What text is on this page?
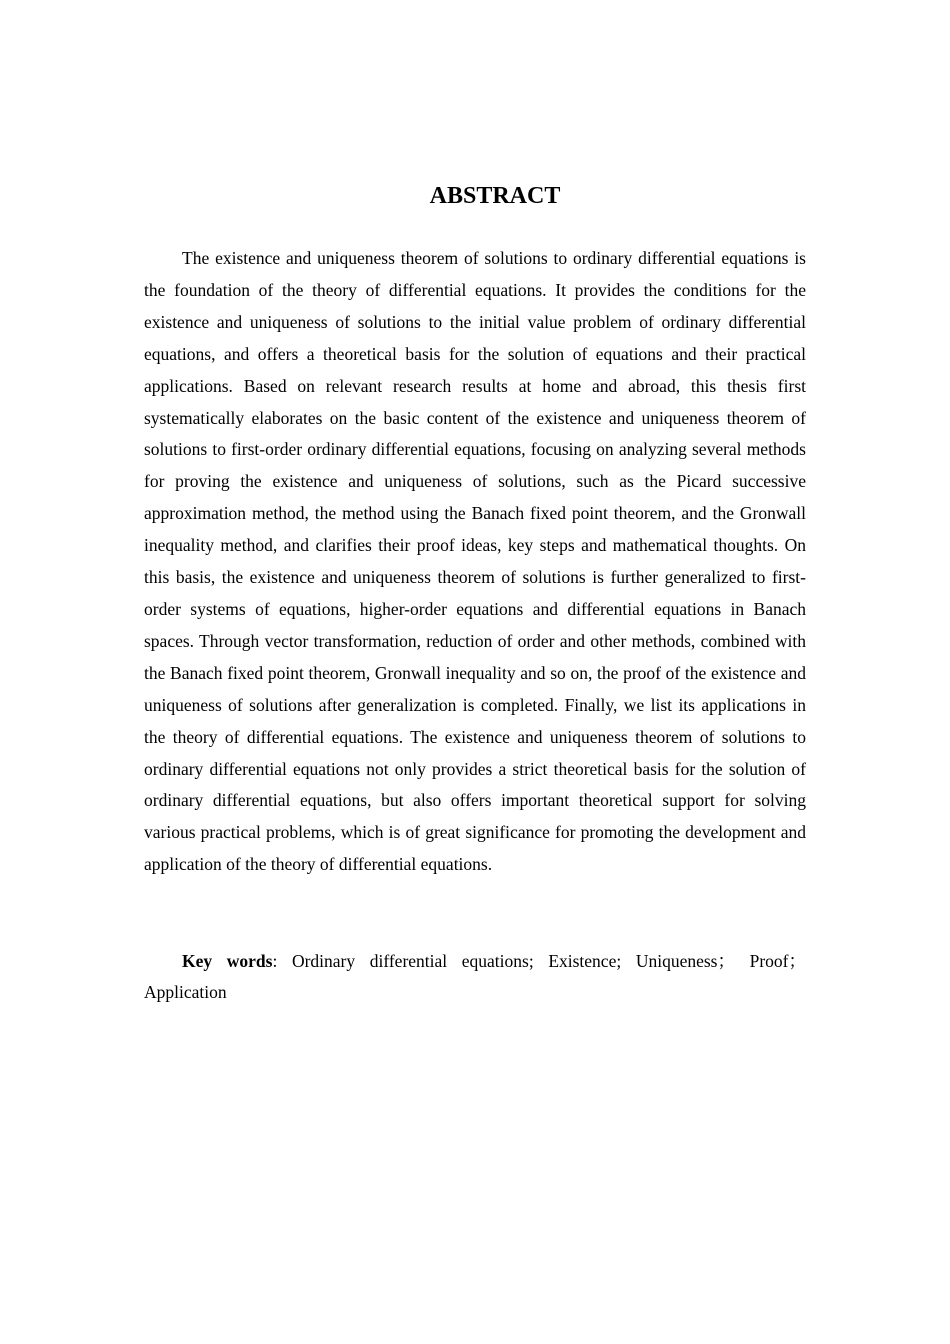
ABSTRACT

The existence and uniqueness theorem of solutions to ordinary differential equations is the foundation of the theory of differential equations. It provides the conditions for the existence and uniqueness of solutions to the initial value problem of ordinary differential equations, and offers a theoretical basis for the solution of equations and their practical applications. Based on relevant research results at home and abroad, this thesis first systematically elaborates on the basic content of the existence and uniqueness theorem of solutions to first-order ordinary differential equations, focusing on analyzing several methods for proving the existence and uniqueness of solutions, such as the Picard successive approximation method, the method using the Banach fixed point theorem, and the Gronwall inequality method, and clarifies their proof ideas, key steps and mathematical thoughts. On this basis, the existence and uniqueness theorem of solutions is further generalized to first-order systems of equations, higher-order equations and differential equations in Banach spaces. Through vector transformation, reduction of order and other methods, combined with the Banach fixed point theorem, Gronwall inequality and so on, the proof of the existence and uniqueness of solutions after generalization is completed. Finally, we list its applications in the theory of differential equations. The existence and uniqueness theorem of solutions to ordinary differential equations not only provides a strict theoretical basis for the solution of ordinary differential equations, but also offers important theoretical support for solving various practical problems, which is of great significance for promoting the development and application of the theory of differential equations.

Key words: Ordinary differential equations; Existence; Uniqueness； Proof；Application
